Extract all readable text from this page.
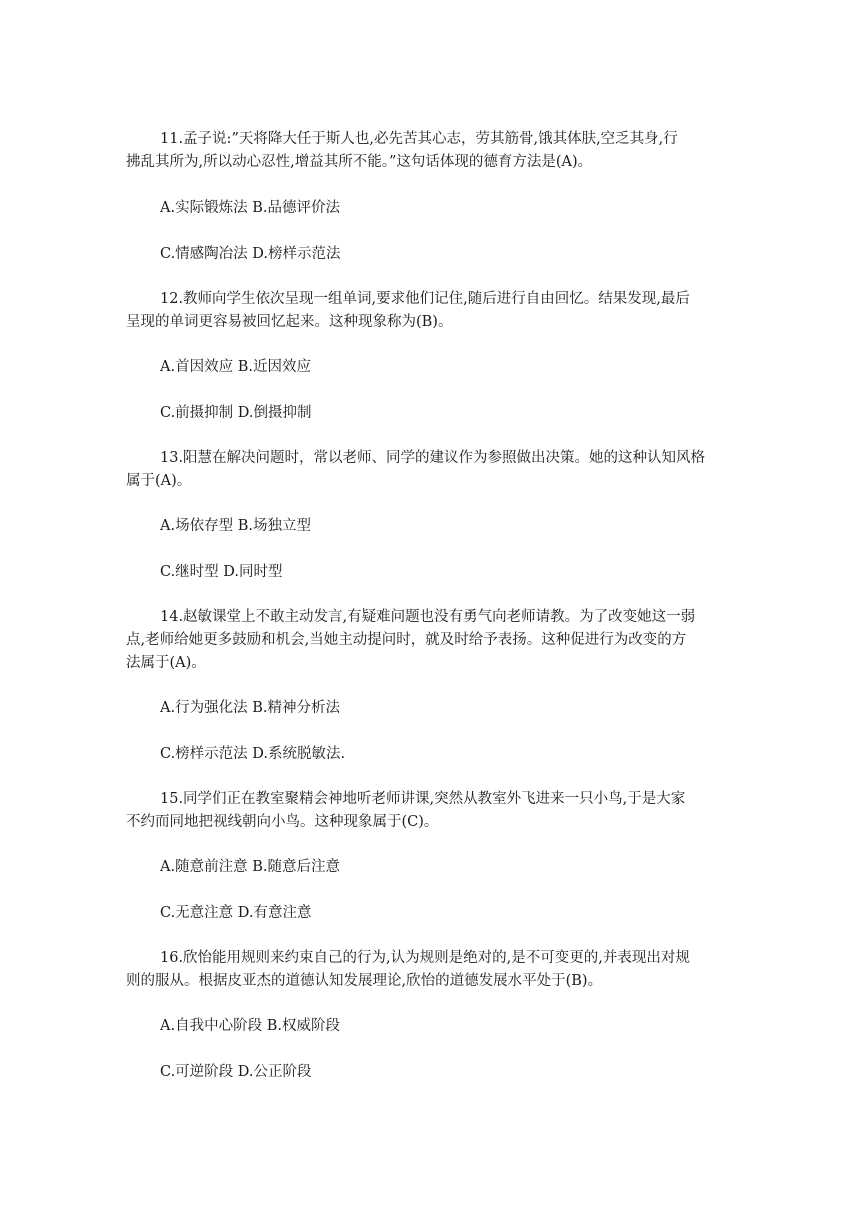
11.孟子说:”天将降大任于斯人也,必先苦其心志，劳其筋骨,饿其体肤,空乏其身,行
拂乱其所为,所以动心忍性,增益其所不能。”这句话体现的德育方法是(A)。

A.实际锻炼法 B.品德评价法

C.情感陶冶法 D.榜样示范法

12.教师向学生依次呈现一组单词,要求他们记住,随后进行自由回忆。结果发现,最后
呈现的单词更容易被回忆起来。这种现象称为(B)。

A.首因效应 B.近因效应

C.前摄抑制 D.倒摄抑制

13.阳慧在解决问题时，常以老师、同学的建议作为参照做出决策。她的这种认知风格
属于(A)。

A.场依存型 B.场独立型

C.继时型 D.同时型

14.赵敏课堂上不敢主动发言,有疑难问题也没有勇气向老师请教。为了改变她这一弱
点,老师给她更多鼓励和机会,当她主动提问时，就及时给予表扬。这种促进行为改变的方
法属于(A)。

A.行为强化法 B.精神分析法

C.榜样示范法 D.系统脱敏法.

15.同学们正在教室聚精会神地听老师讲课,突然从教室外飞进来一只小鸟,于是大家
不约而同地把视线朝向小鸟。这种现象属于(C)。

A.随意前注意 B.随意后注意

C.无意注意 D.有意注意

16.欣怡能用规则来约束自己的行为,认为规则是绝对的,是不可变更的,并表现出对规
则的服从。根据皮亚杰的道德认知发展理论,欣怡的道德发展水平处于(B)。

A.自我中心阶段 B.权威阶段

C.可逆阶段 D.公正阶段
